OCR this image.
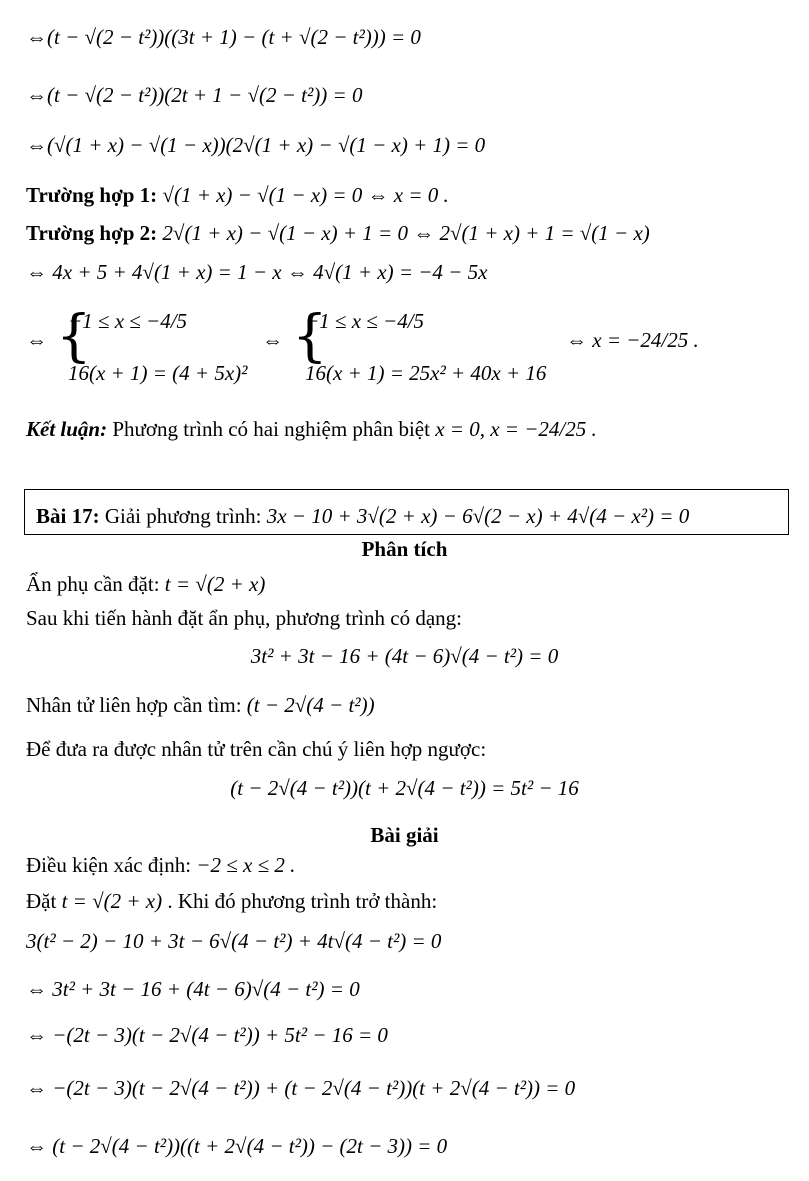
⇔(t − √(2 − t²))((3t + 1) − (t + √(2 − t²))) = 0
⇔(t − √(2 − t²))(2t + 1 − √(2 − t²)) = 0
⇔(√(1 + x) − √(1 − x))(2√(1 + x) − √(1 − x) + 1) = 0
Trường hợp 1: √(1 + x) − √(1 − x) = 0 ⇔ x = 0 .
Trường hợp 2: 2√(1 + x) − √(1 − x) + 1 = 0 ⇔ 2√(1 + x) + 1 = √(1 − x)
⇔ 4x + 5 + 4√(1 + x) = 1 − x ⇔ 4√(1 + x) = −4 − 5x
⇔ {
−1 ≤ x ≤ −4/5
16(x + 1) = (4 + 5x)²
⇔ {
−1 ≤ x ≤ −4/5
16(x + 1) = 25x² + 40x + 16
⇔ x = −24/25 .
Kết luận: Phương trình có hai nghiệm phân biệt x = 0, x = −24/25 .
Bài 17: Giải phương trình: 3x − 10 + 3√(2 + x) − 6√(2 − x) + 4√(4 − x²) = 0
Phân tích
Ẩn phụ cần đặt: t = √(2 + x)
Sau khi tiến hành đặt ẩn phụ, phương trình có dạng:
3t² + 3t − 16 + (4t − 6)√(4 − t²) = 0
Nhân tử liên hợp cần tìm: (t − 2√(4 − t²))
Để đưa ra được nhân tử trên cần chú ý liên hợp ngược:
(t − 2√(4 − t²))(t + 2√(4 − t²)) = 5t² − 16
Bài giải
Điều kiện xác định: −2 ≤ x ≤ 2 .
Đặt t = √(2 + x) . Khi đó phương trình trở thành:
3(t² − 2) − 10 + 3t − 6√(4 − t²) + 4t√(4 − t²) = 0
⇔ 3t² + 3t − 16 + (4t − 6)√(4 − t²) = 0
⇔ −(2t − 3)(t − 2√(4 − t²)) + 5t² − 16 = 0
⇔ −(2t − 3)(t − 2√(4 − t²)) + (t − 2√(4 − t²))(t + 2√(4 − t²)) = 0
⇔ (t − 2√(4 − t²))((t + 2√(4 − t²)) − (2t − 3)) = 0
